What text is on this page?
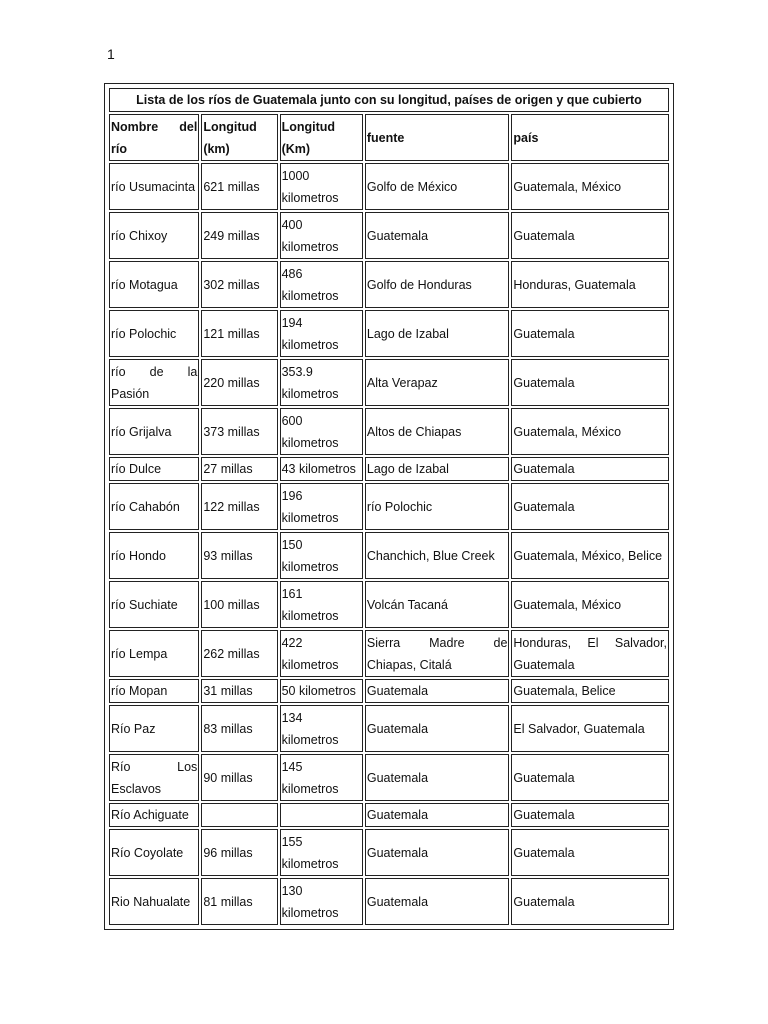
1
Lista de los ríos de Guatemala junto con su longitud, países de origen y que cubierto				
Nombre del río	Longitud (km)	Longitud (Km)	fuente	país
río Usumacinta	621 millas	1000 kilometros	Golfo de México	Guatemala, México
río Chixoy	249 millas	400 kilometros	Guatemala	Guatemala
río Motagua	302 millas	486 kilometros	Golfo de Honduras	Honduras, Guatemala
río Polochic	121 millas	194 kilometros	Lago de Izabal	Guatemala
río de la Pasión	220 millas	353.9 kilometros	Alta Verapaz	Guatemala
río Grijalva	373 millas	600 kilometros	Altos de Chiapas	Guatemala, México
río Dulce	27 millas	43 kilometros	Lago de Izabal	Guatemala
río Cahabón	122 millas	196 kilometros	río Polochic	Guatemala
río Hondo	93 millas	150 kilometros	Chanchich, Blue Creek	Guatemala, México, Belice
río Suchiate	100 millas	161 kilometros	Volcán Tacaná	Guatemala, México
río Lempa	262 millas	422 kilometros	Sierra Madre de Chiapas, Citalá	Honduras, El Salvador, Guatemala
río Mopan	31 millas	50 kilometros	Guatemala	Guatemala, Belice
Río Paz	83 millas	134 kilometros	Guatemala	El Salvador, Guatemala
Río Los Esclavos	90 millas	145 kilometros	Guatemala	Guatemala
Río Achiguate			Guatemala	Guatemala
Río Coyolate	96 millas	155 kilometros	Guatemala	Guatemala
Rio Nahualate	81 millas	130 kilometros	Guatemala	Guatemala
